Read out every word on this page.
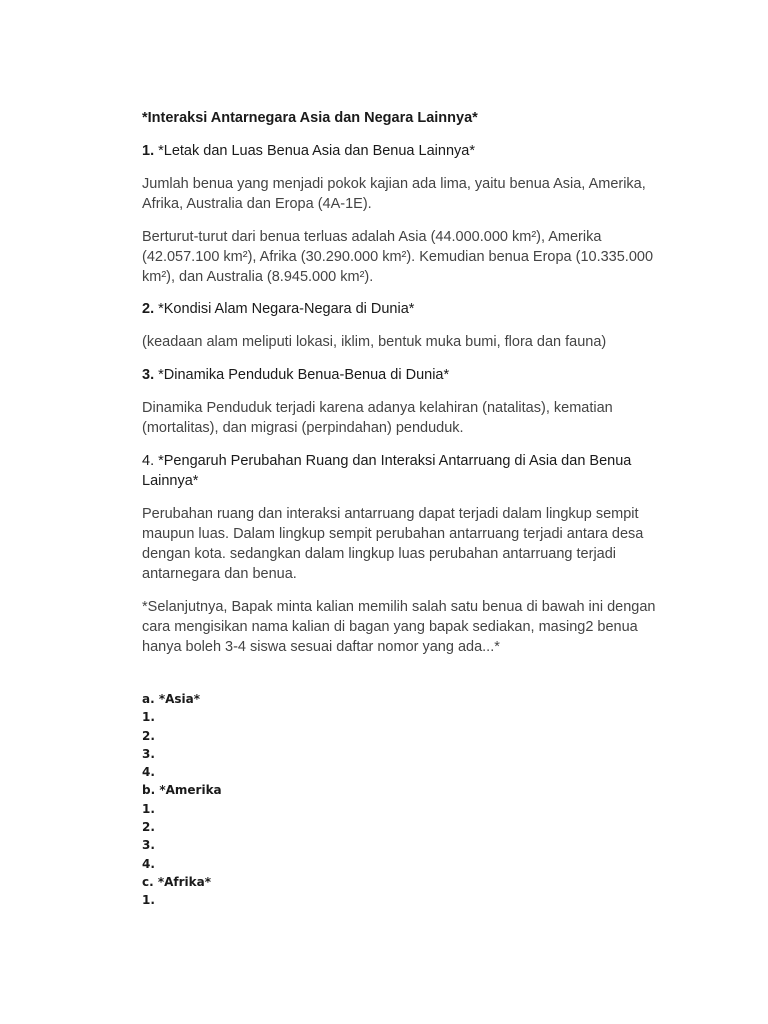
*Interaksi Antarnegara Asia dan Negara Lainnya*
1. *Letak dan Luas Benua Asia dan Benua Lainnya*
Jumlah benua yang menjadi pokok kajian ada lima, yaitu benua Asia, Amerika, Afrika, Australia dan Eropa (4A-1E).
Berturut-turut dari benua terluas adalah Asia (44.000.000 km²), Amerika (42.057.100 km²), Afrika (30.290.000 km²). Kemudian benua Eropa (10.335.000 km²), dan Australia (8.945.000 km²).
2. *Kondisi Alam Negara-Negara di Dunia*
(keadaan alam meliputi lokasi, iklim, bentuk muka bumi, flora dan fauna)
3. *Dinamika Penduduk Benua-Benua di Dunia*
Dinamika Penduduk terjadi karena adanya kelahiran (natalitas), kematian (mortalitas), dan migrasi (perpindahan) penduduk.
4. *Pengaruh Perubahan Ruang dan Interaksi Antarruang di Asia dan Benua Lainnya*
Perubahan ruang dan interaksi antarruang dapat terjadi dalam lingkup sempit maupun luas. Dalam lingkup sempit perubahan antarruang terjadi antara desa dengan kota. sedangkan dalam lingkup luas perubahan antarruang terjadi antarnegara dan benua.
*Selanjutnya, Bapak minta kalian memilih salah satu benua di bawah ini dengan cara mengisikan nama kalian di bagan yang bapak sediakan, masing2 benua hanya boleh 3-4 siswa sesuai daftar nomor yang ada...*
a. *Asia*
1.
2.
3.
4.
b. *Amerika
1.
2.
3.
4.
c. *Afrika*
1.
